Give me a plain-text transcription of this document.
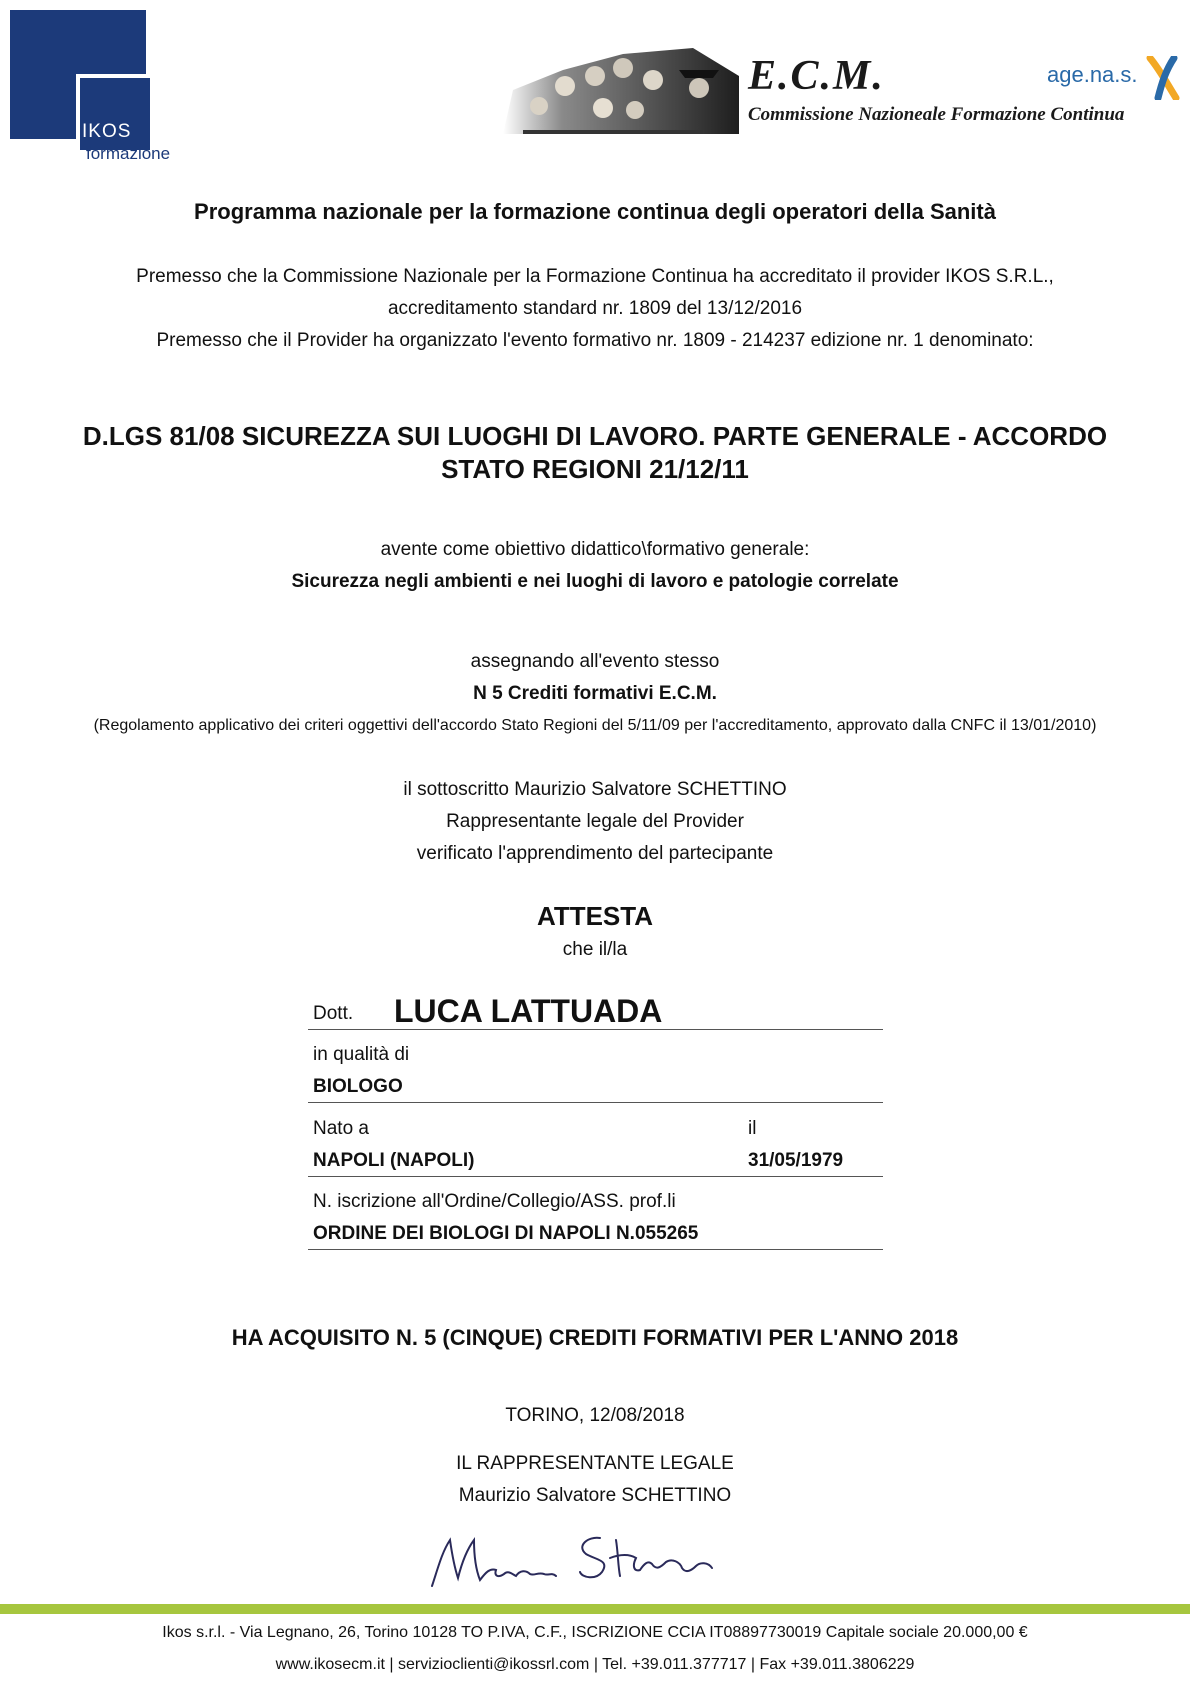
IKOS
formazione
E.C.M.
Commissione Nazioneale Formazione Continua
age.na.s.
Programma nazionale per la formazione continua degli operatori della Sanità
Premesso che la Commissione Nazionale per la Formazione Continua ha accreditato il provider IKOS S.R.L.,
accreditamento standard nr. 1809 del 13/12/2016
Premesso che il Provider ha organizzato l'evento formativo nr. 1809 - 214237 edizione nr. 1 denominato:
D.LGS 81/08 SICUREZZA SUI LUOGHI DI LAVORO. PARTE GENERALE - ACCORDO
STATO REGIONI 21/12/11
avente come obiettivo didattico\formativo generale:
Sicurezza negli ambienti e nei luoghi di lavoro e patologie correlate
assegnando all'evento stesso
N 5 Crediti formativi E.C.M.
(Regolamento applicativo dei criteri oggettivi dell'accordo Stato Regioni del 5/11/09 per l'accreditamento, approvato dalla CNFC il 13/01/2010)
il sottoscritto Maurizio Salvatore SCHETTINO
Rappresentante legale del Provider
verificato l'apprendimento del partecipante
ATTESTA
che il/la
Dott. LUCA LATTUADA
in qualità di
BIOLOGO
Nato a	il
NAPOLI (NAPOLI)	31/05/1979
N. iscrizione all'Ordine/Collegio/ASS. prof.li
ORDINE DEI BIOLOGI DI NAPOLI N.055265
HA ACQUISITO N. 5 (CINQUE) CREDITI FORMATIVI PER L'ANNO 2018
TORINO, 12/08/2018
IL RAPPRESENTANTE LEGALE
Maurizio Salvatore SCHETTINO
Ikos s.r.l. - Via Legnano, 26, Torino 10128 TO P.IVA, C.F., ISCRIZIONE CCIA IT08897730019 Capitale sociale 20.000,00 €
www.ikosecm.it | servizioclienti@ikossrl.com | Tel. +39.011.377717 | Fax +39.011.3806229
